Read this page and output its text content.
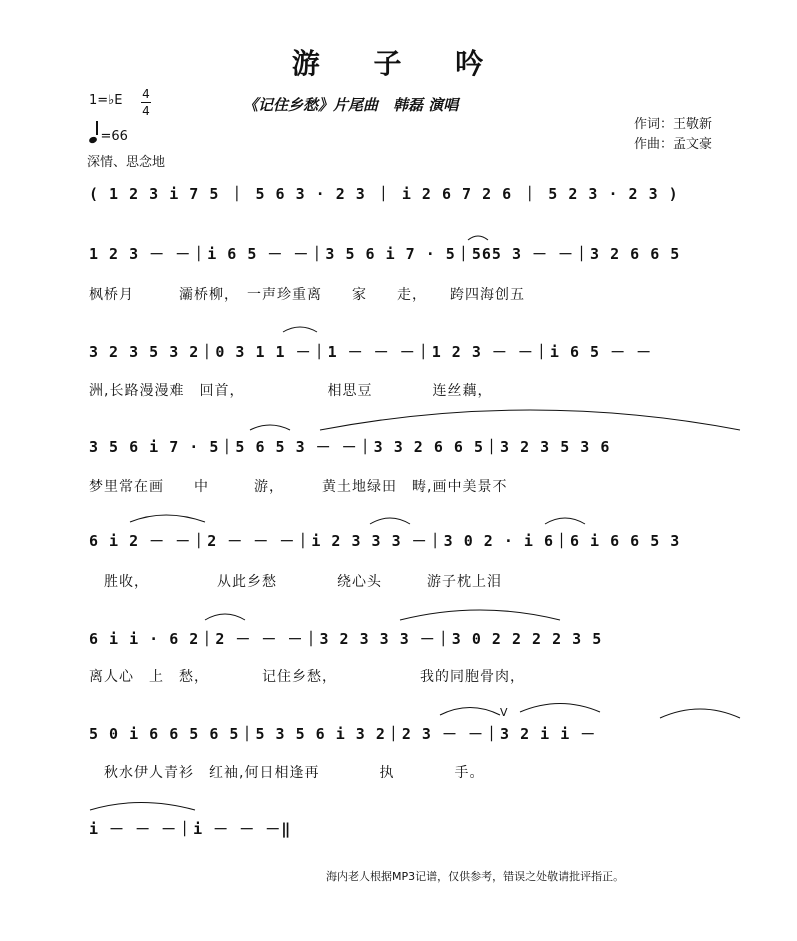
游 子 吟
《记住乡愁》片尾曲　韩磊 演唱
1=♭E 4
4
=66
深情、思念地
作词：王敬新
作曲：孟文豪
( 1 2 3 i 7 5 ｜ 5 6 3 · 2 3 ｜ i 2 6 7 2 6 ｜ 5 2 3 · 2 3 )
1 2 3 － －｜i 6 5 － －｜3 5 6 i 7 · 5｜565 3 － －｜3 2 6 6 5
3 2 3 5 3 2｜0 3 1 1 －｜1 － － －｜1 2 3 － －｜i 6 5 － －
3 5 6 i 7 · 5｜5 6 5 3 － －｜3 3 2 6 6 5｜3 2 3 5 3 6
6 i 2 － －｜2 － － －｜i 2 3 3 3 －｜3 0 2 · i 6｜6 i 6 6 5 3
6 i i · 6 2｜2 － － －｜3 2 3 3 3 －｜3 0 2 2 2 2 3 5
5 0 i 6 6 5 6 5｜5 3 5 6 i 3 2｜2 3 － －｜3 2 i i －
i － － －｜i － － －‖
枫桥月　　　灞桥柳，　一声珍重离　　家　　走，　　跨四海创五
洲,长路漫漫难　回首，　　　　　　相思豆　　　　连丝藕，
梦里常在画　　中　　　游，　　　黄土地绿田　畴,画中美景不
　胜收，　　　　　从此乡愁　　　　绕心头　　　游子枕上泪
离人心　上　愁，　　　　记住乡愁，　　　　　　我的同胞骨肉，
　秋水伊人青衫　红袖,何日相逢再　　　　执　　　　手。
V
海内老人根据MP3记谱，仅供参考，错误之处敬请批评指正。
